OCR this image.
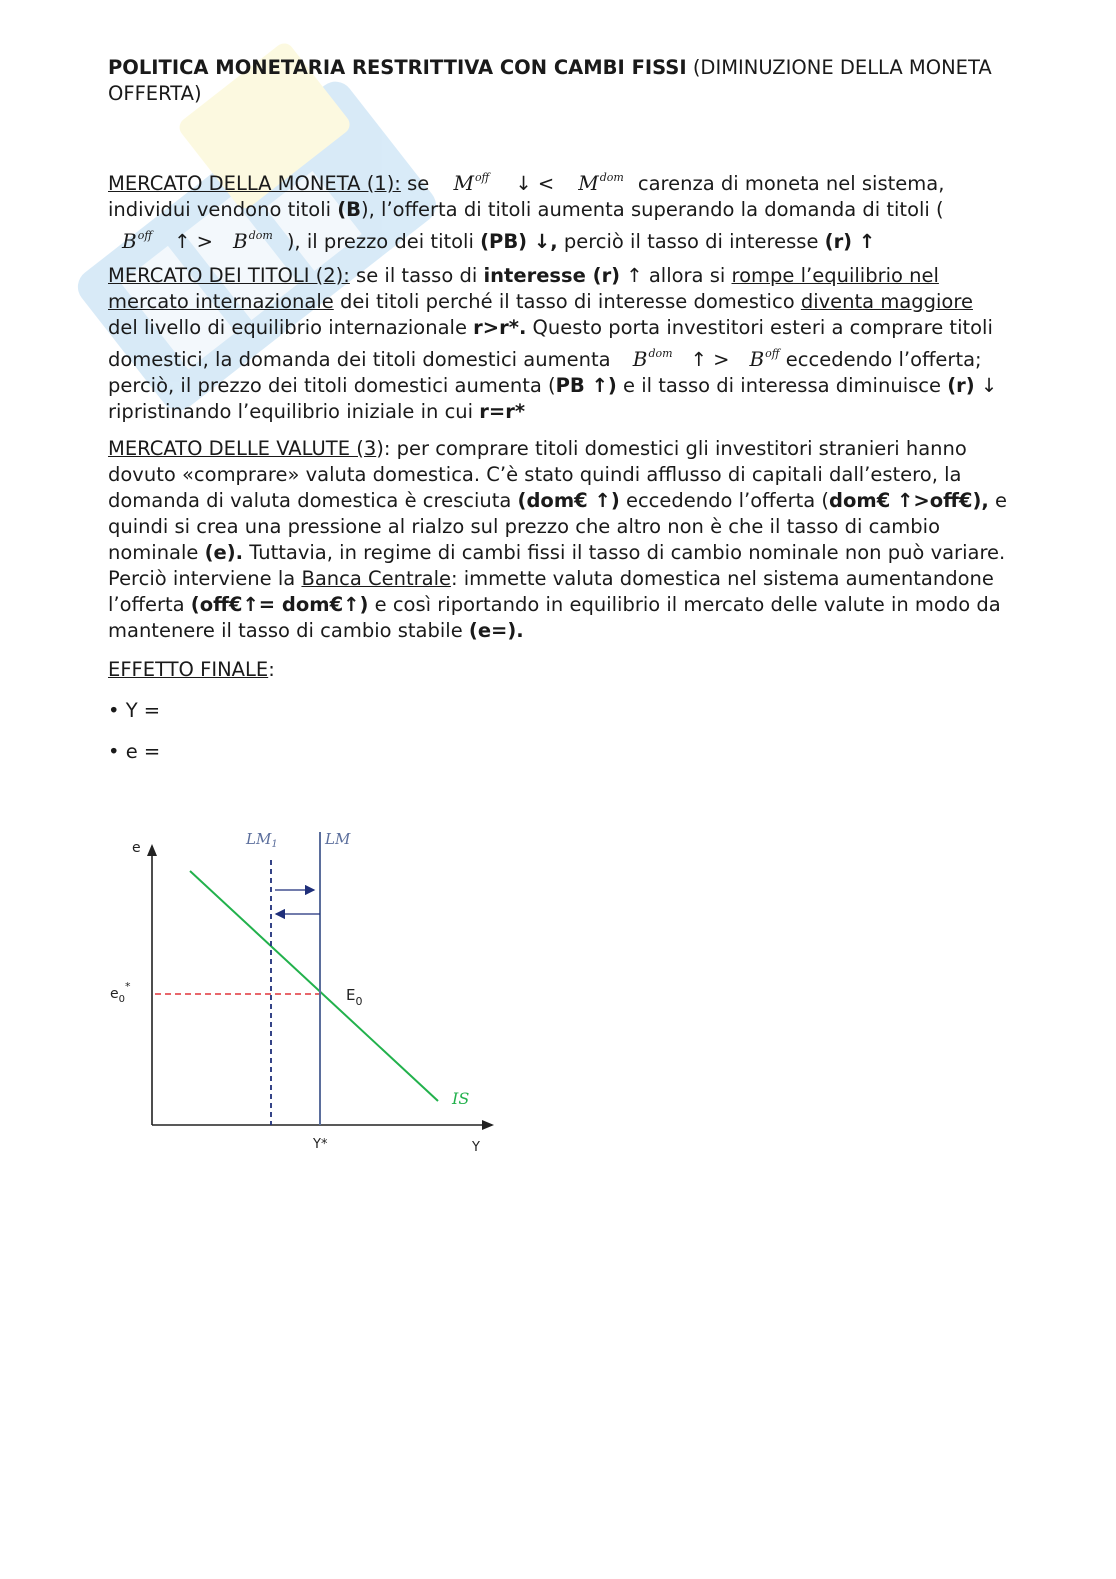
POLITICA MONETARIA RESTRITTIVA CON CAMBI FISSI (DIMINUZIONE DELLA MONETA OFFERTA)

MERCATO DELLA MONETA (1): se $M^{off}$ ↓ < $M^{dom}$ carenza di moneta nel sistema, individui vendono titoli (B), l’offerta di titoli aumenta superando la domanda di titoli (
$B^{off}$ ↑ > $B^{dom}$ ), il prezzo dei titoli (PB) ↓, perciò il tasso di interesse (r) ↑

MERCATO DEI TITOLI (2): se il tasso di interesse (r) ↑ allora si rompe l’equilibrio nel mercato internazionale dei titoli perché il tasso di interesse domestico diventa maggiore del livello di equilibrio internazionale r>r*. Questo porta investitori esteri a comprare titoli domestici, la domanda dei titoli domestici aumenta $B^{dom}$ ↑ > $B^{off}$ eccedendo l’offerta; perciò, il prezzo dei titoli domestici aumenta (PB ↑) e il tasso di interessa diminuisce (r) ↓ ripristinando l’equilibrio iniziale in cui r=r*

MERCATO DELLE VALUTE (3): per comprare titoli domestici gli investitori stranieri hanno dovuto «comprare» valuta domestica. C’è stato quindi afflusso di capitali dall’estero, la domanda di valuta domestica è cresciuta (dom€ ↑) eccedendo l’offerta (dom€ ↑>off€), e quindi si crea una pressione al rialzo sul prezzo che altro non è che il tasso di cambio nominale (e). Tuttavia, in regime di cambi fissi il tasso di cambio nominale non può variare. Perciò interviene la Banca Centrale: immette valuta domestica nel sistema aumentandone l’offerta (off€↑= dom€↑) e così riportando in equilibrio il mercato delle valute in modo da mantenere il tasso di cambio stabile (e=).

EFFETTO FINALE:

• Y =

• e =

e
Y
Y*
$e_0^*$	$E_0$
$LM_1$	LM
IS
